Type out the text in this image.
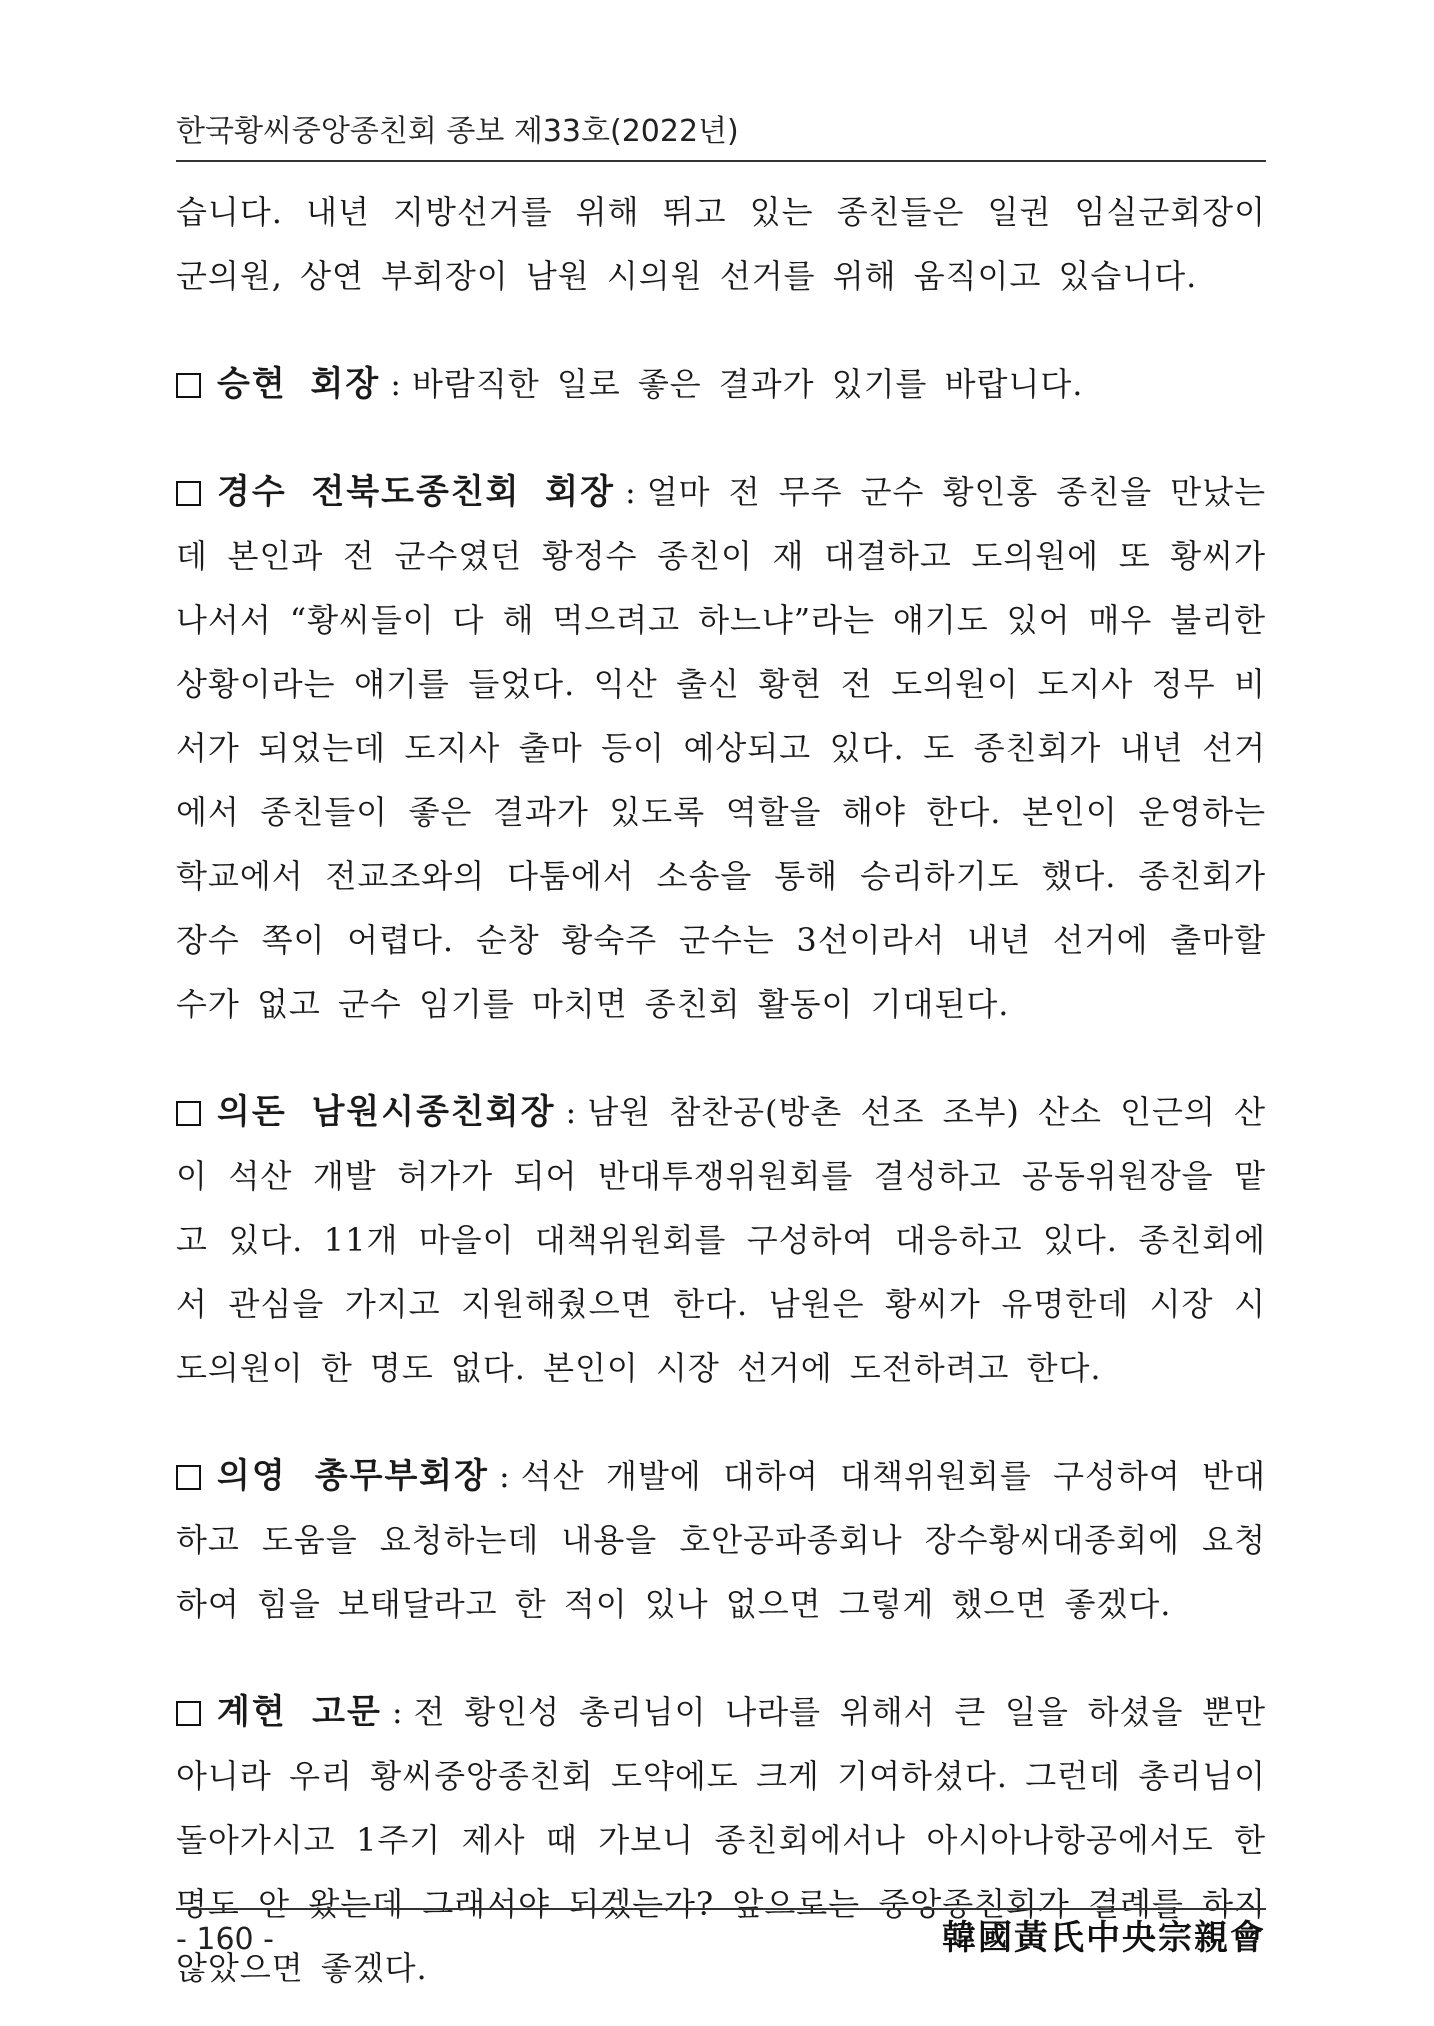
한국황씨중앙종친회 종보 제33호(2022년)

습니다. 내년 지방선거를 위해 뛰고 있는 종친들은 일권 임실군회장이 군의원, 상연 부회장이 남원 시의원 선거를 위해 움직이고 있습니다.

승현 회장 : 바람직한 일로 좋은 결과가 있기를 바랍니다.

경수 전북도종친회 회장 : 얼마 전 무주 군수 황인홍 종친을 만났는데 본인과 전 군수였던 황정수 종친이 재 대결하고 도의원에 또 황씨가 나서서 “황씨들이 다 해 먹으려고 하느냐”라는 얘기도 있어 매우 불리한 상황이라는 얘기를 들었다. 익산 출신 황현 전 도의원이 도지사 정무 비서가 되었는데 도지사 출마 등이 예상되고 있다. 도 종친회가 내년 선거에서 종친들이 좋은 결과가 있도록 역할을 해야 한다. 본인이 운영하는 학교에서 전교조와의 다툼에서 소송을 통해 승리하기도 했다. 종친회가 장수 쪽이 어렵다. 순창 황숙주 군수는 3선이라서 내년 선거에 출마할 수가 없고 군수 임기를 마치면 종친회 활동이 기대된다.

의돈 남원시종친회장 : 남원 참찬공(방촌 선조 조부) 산소 인근의 산이 석산 개발 허가가 되어 반대투쟁위원회를 결성하고 공동위원장을 맡고 있다. 11개 마을이 대책위원회를 구성하여 대응하고 있다. 종친회에서 관심을 가지고 지원해줬으면 한다. 남원은 황씨가 유명한데 시장 시도의원이 한 명도 없다. 본인이 시장 선거에 도전하려고 한다.

의영 총무부회장 : 석산 개발에 대하여 대책위원회를 구성하여 반대하고 도움을 요청하는데 내용을 호안공파종회나 장수황씨대종회에 요청하여 힘을 보태달라고 한 적이 있나 없으면 그렇게 했으면 좋겠다.

계현 고문 : 전 황인성 총리님이 나라를 위해서 큰 일을 하셨을 뿐만 아니라 우리 황씨중앙종친회 도약에도 크게 기여하셨다. 그런데 총리님이 돌아가시고 1주기 제사 때 가보니 종친회에서나 아시아나항공에서도 한 명도 안 왔는데 그래서야 되겠는가? 앞으로는 중앙종친회가 결례를 하지 않았으면 좋겠다.

- 160 -	韓國黃氏中央宗親會
